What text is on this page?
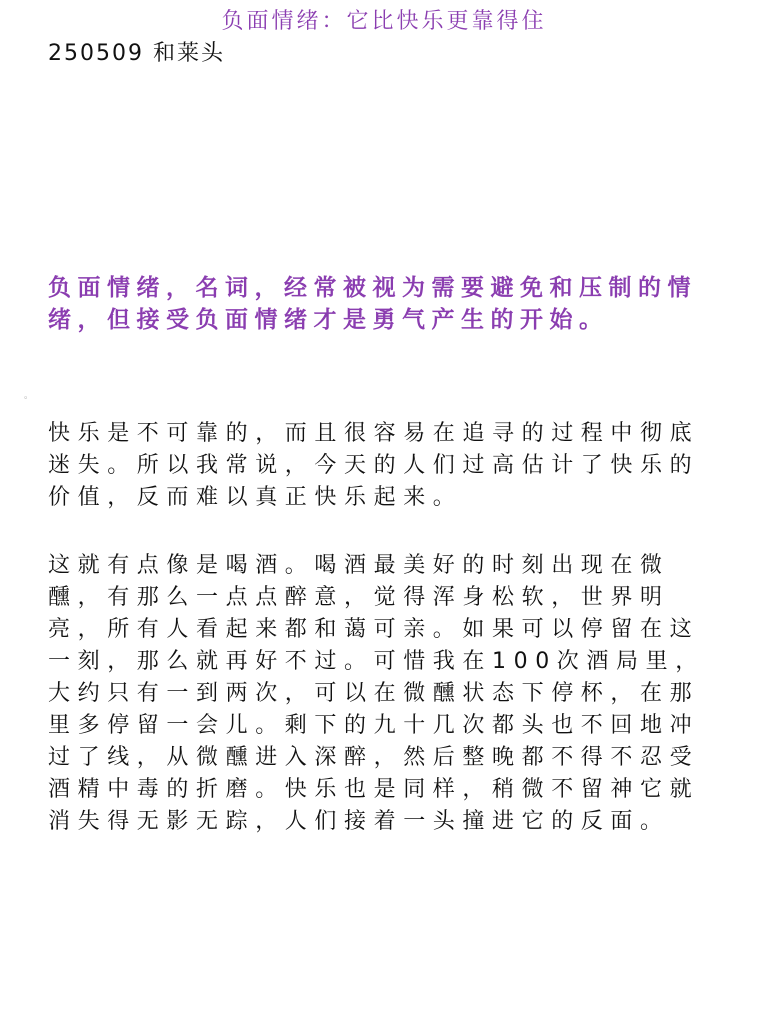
负面情绪：它比快乐更靠得住
250509 和莱头
负面情绪，名词，经常被视为需要避免和压制的情绪，但接受负面情绪才是勇气产生的开始。
。
快乐是不可靠的，而且很容易在追寻的过程中彻底迷失。所以我常说，今天的人们过高估计了快乐的价值，反而难以真正快乐起来。
这就有点像是喝酒。喝酒最美好的时刻出现在微醺，有那么一点点醉意，觉得浑身松软，世界明亮，所有人看起来都和蔼可亲。如果可以停留在这一刻，那么就再好不过。可惜我在100次酒局里，大约只有一到两次，可以在微醺状态下停杯，在那里多停留一会儿。剩下的九十几次都头也不回地冲过了线，从微醺进入深醉，然后整晚都不得不忍受酒精中毒的折磨。快乐也是同样，稍微不留神它就消失得无影无踪，人们接着一头撞进它的反面。
